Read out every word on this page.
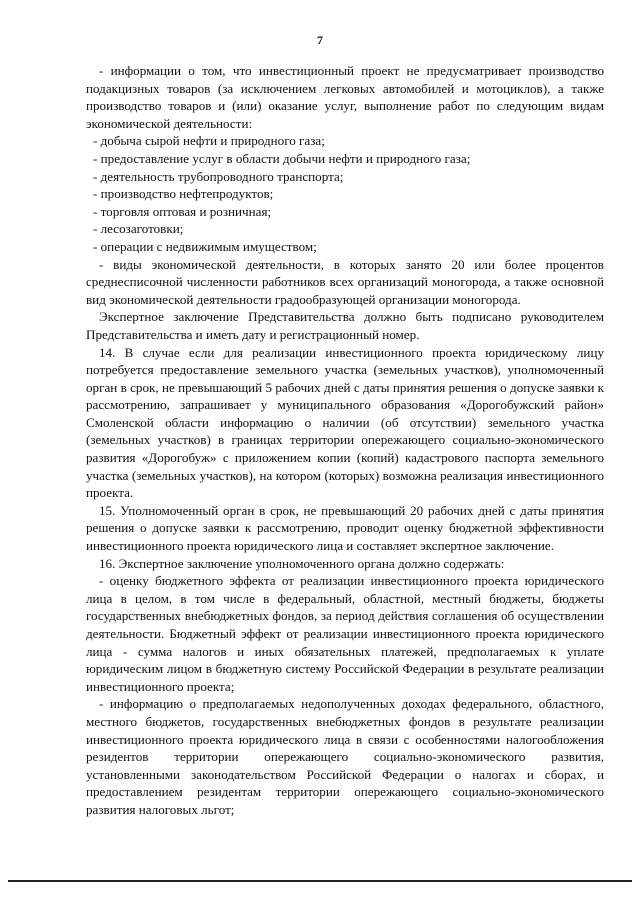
7

- информации о том, что инвестиционный проект не предусматривает производство подакцизных товаров (за исключением легковых автомобилей и мотоциклов), а также производство товаров и (или) оказание услуг, выполнение работ по следующим видам экономической деятельности:

- добыча сырой нефти и природного газа;

- предоставление услуг в области добычи нефти и природного газа;

- деятельность трубопроводного транспорта;

- производство нефтепродуктов;

- торговля оптовая и розничная;

- лесозаготовки;

- операции с недвижимым имуществом;

- виды экономической деятельности, в которых занято 20 или более процентов среднесписочной численности работников всех организаций моногорода, а также основной вид экономической деятельности градообразующей организации моногорода.

Экспертное заключение Представительства должно быть подписано руководителем Представительства и иметь дату и регистрационный номер.

14. В случае если для реализации инвестиционного проекта юридическому лицу потребуется предоставление земельного участка (земельных участков), уполномоченный орган в срок, не превышающий 5 рабочих дней с даты принятия решения о допуске заявки к рассмотрению, запрашивает у муниципального образования «Дорогобужский район» Смоленской области информацию о наличии (об отсутствии) земельного участка (земельных участков) в границах территории опережающего социально-экономического развития «Дорогобуж» с приложением копии (копий) кадастрового паспорта земельного участка (земельных участков), на котором (которых) возможна реализация инвестиционного проекта.

15. Уполномоченный орган в срок, не превышающий 20 рабочих дней с даты принятия решения о допуске заявки к рассмотрению, проводит оценку бюджетной эффективности инвестиционного проекта юридического лица и составляет экспертное заключение.

16. Экспертное заключение уполномоченного органа должно содержать:

- оценку бюджетного эффекта от реализации инвестиционного проекта юридического лица в целом, в том числе в федеральный, областной, местный бюджеты, бюджеты государственных внебюджетных фондов, за период действия соглашения об осуществлении деятельности. Бюджетный эффект от реализации инвестиционного проекта юридического лица - сумма налогов и иных обязательных платежей, предполагаемых к уплате юридическим лицом в бюджетную систему Российской Федерации в результате реализации инвестиционного проекта;

- информацию о предполагаемых недополученных доходах федерального, областного, местного бюджетов, государственных внебюджетных фондов в результате реализации инвестиционного проекта юридического лица в связи с особенностями налогообложения резидентов территории опережающего социально-экономического развития, установленными законодательством Российской Федерации о налогах и сборах, и предоставлением резидентам территории опережающего социально-экономического развития налоговых льгот;
